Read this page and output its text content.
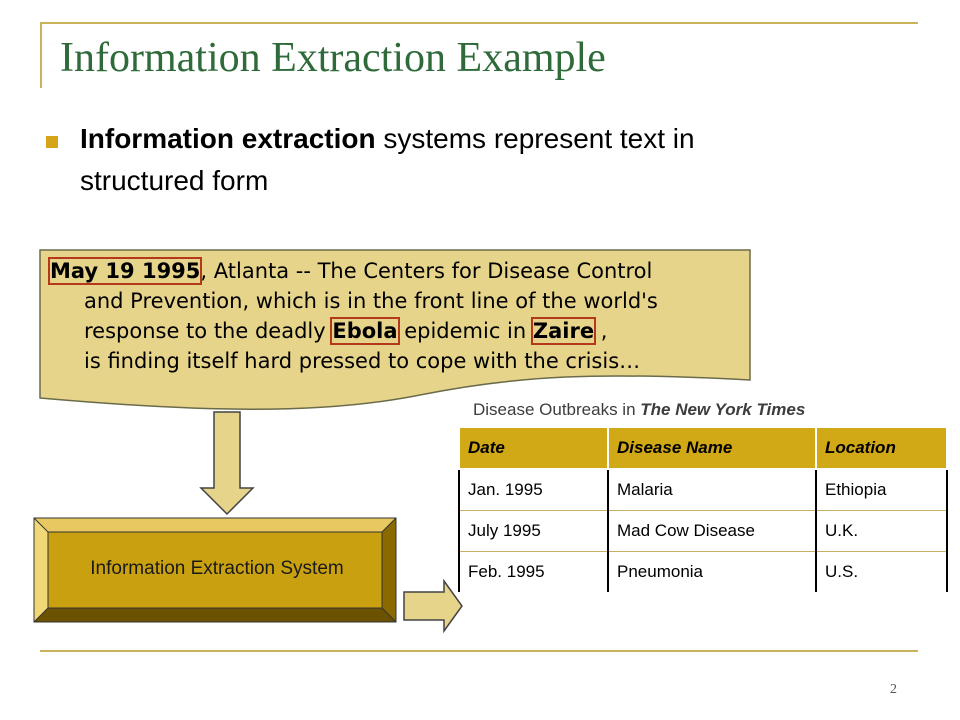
Information Extraction Example
Information extraction systems represent text in
structured form
May 19 1995, Atlanta -- The Centers for Disease Control
and Prevention, which is in the front line of the world's
response to the deadly Ebola epidemic in Zaire ,
is finding itself hard pressed to cope with the crisis…
Disease Outbreaks in The New York Times
Date	Disease Name	Location
Jan. 1995	Malaria	Ethiopia
July 1995	Mad Cow Disease	U.K.
Feb. 1995	Pneumonia	U.S.
Information Extraction System
2
